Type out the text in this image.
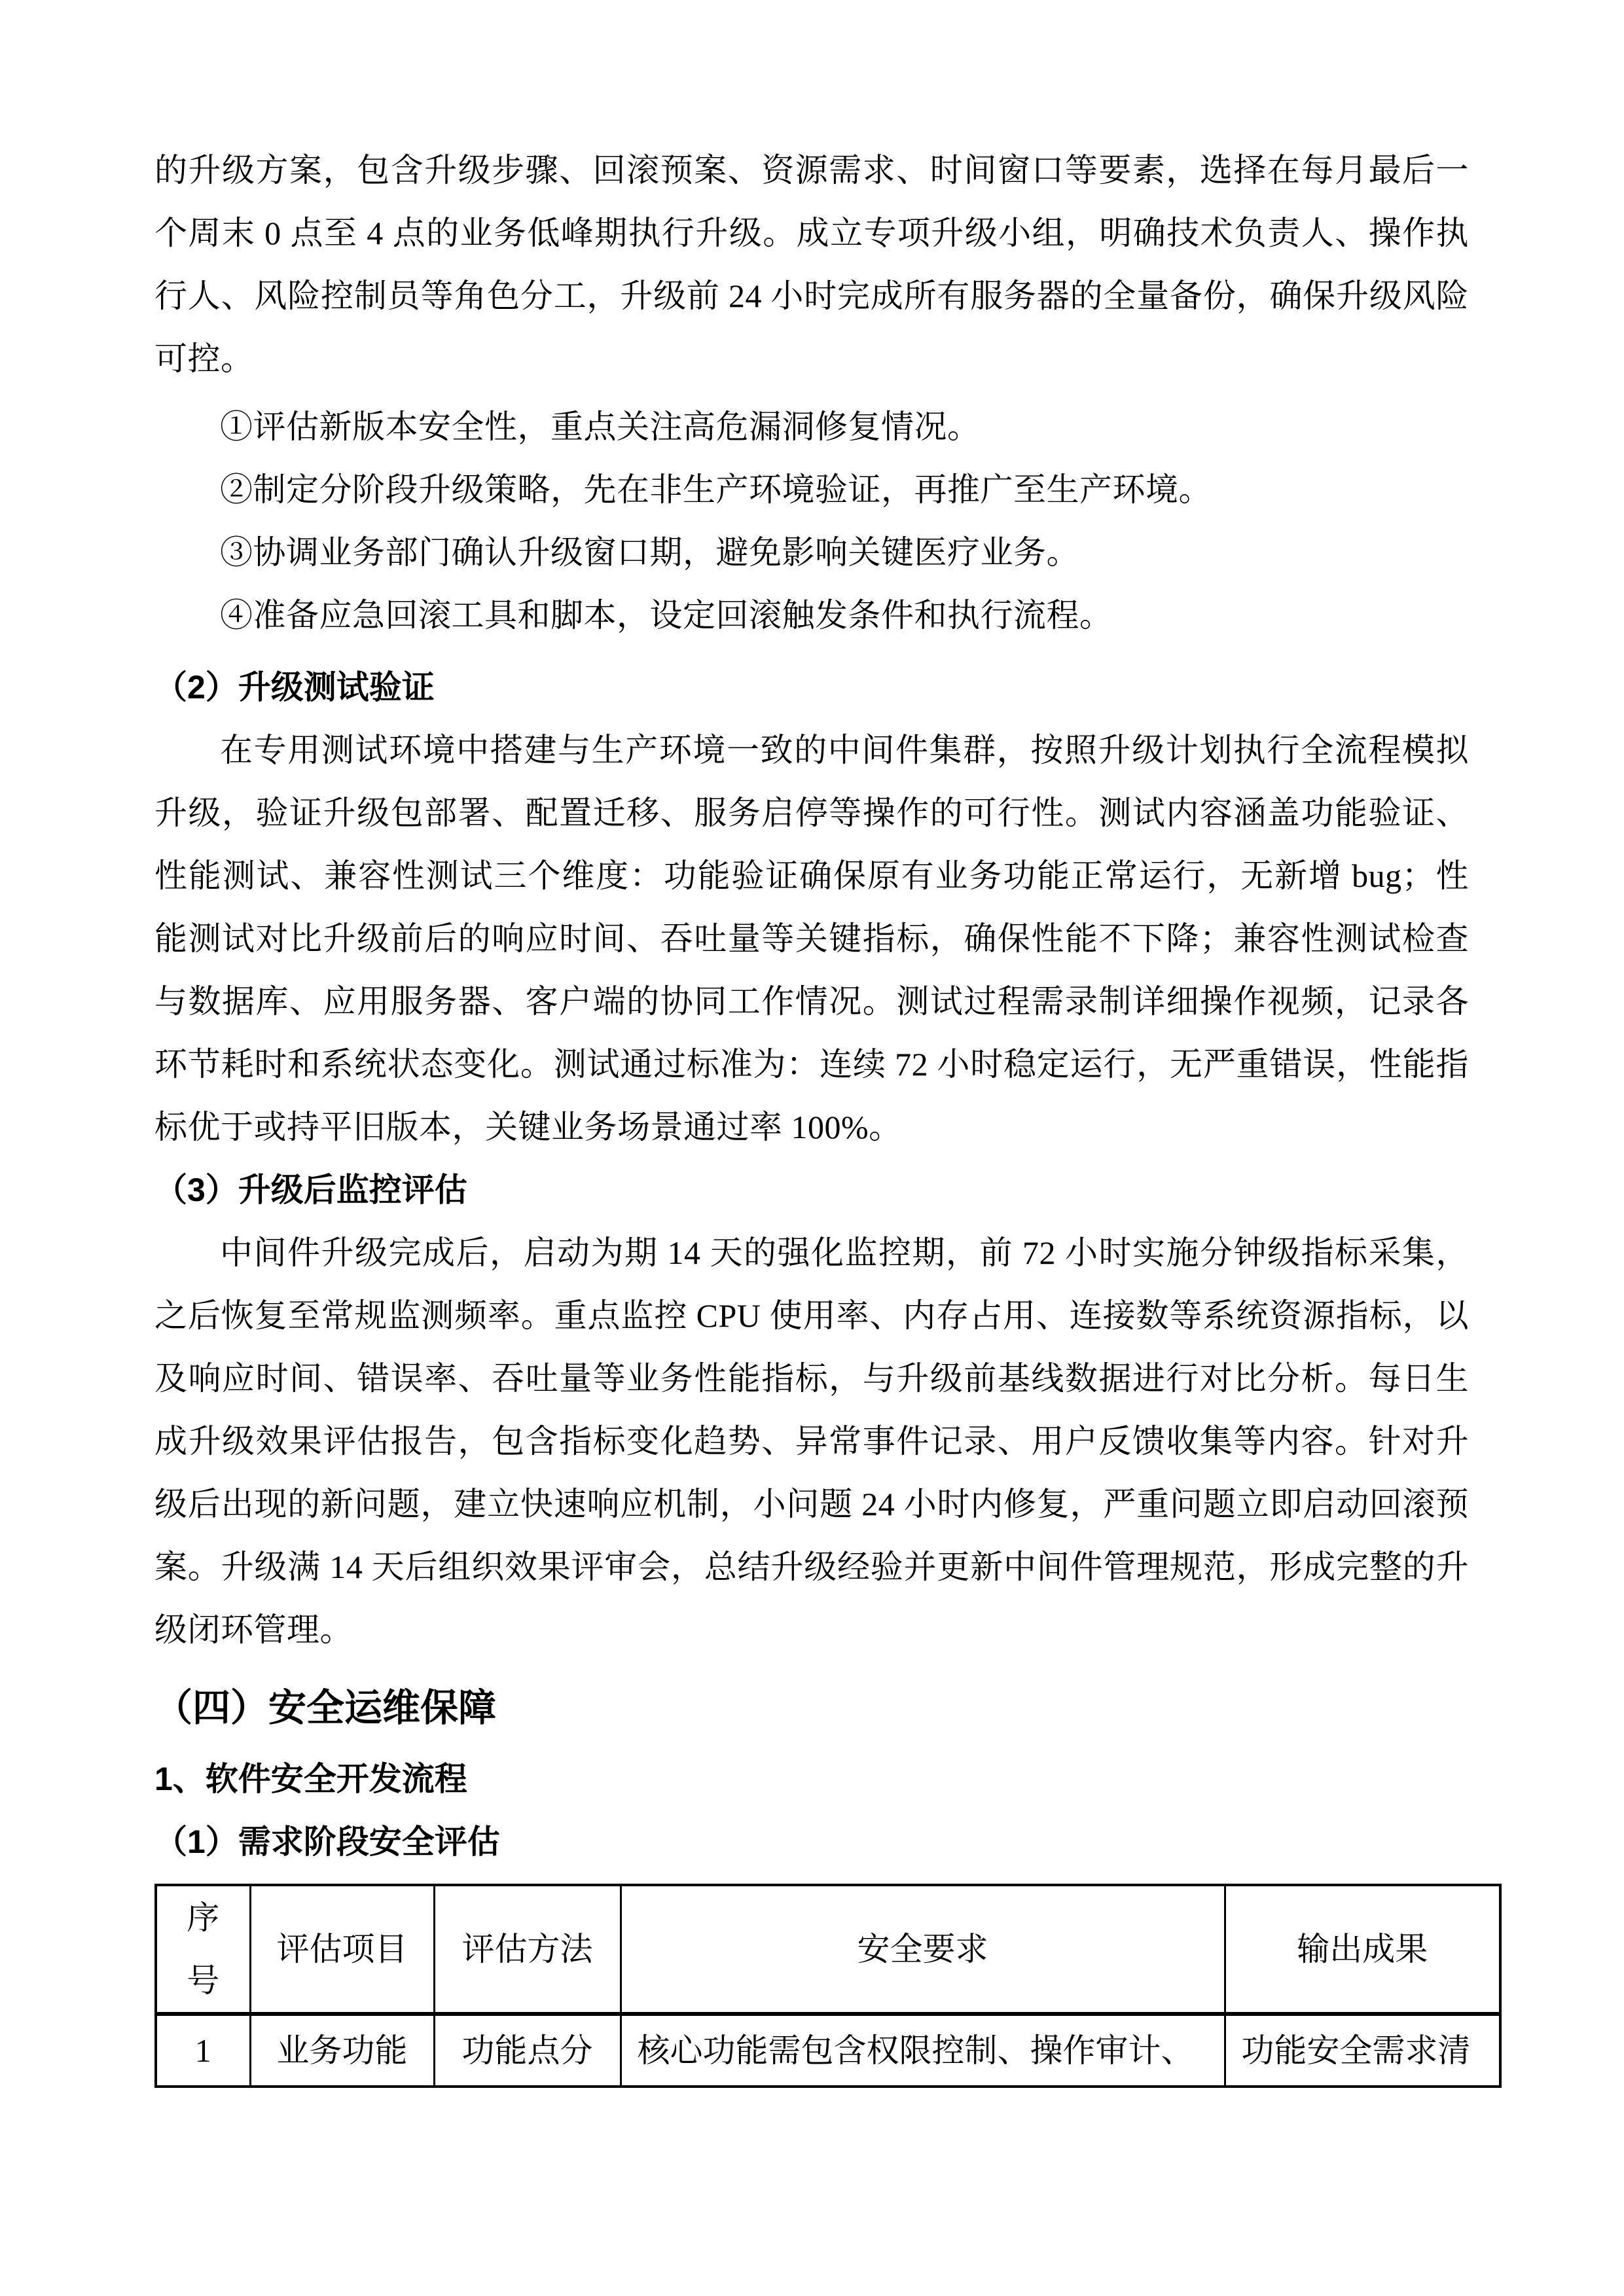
的升级方案，包含升级步骤、回滚预案、资源需求、时间窗口等要素，选择在每月最后一个周末 0 点至 4 点的业务低峰期执行升级。成立专项升级小组，明确技术负责人、操作执行人、风险控制员等角色分工，升级前 24 小时完成所有服务器的全量备份，确保升级风险可控。

①评估新版本安全性，重点关注高危漏洞修复情况。

②制定分阶段升级策略，先在非生产环境验证，再推广至生产环境。

③协调业务部门确认升级窗口期，避免影响关键医疗业务。

④准备应急回滚工具和脚本，设定回滚触发条件和执行流程。

（2）升级测试验证

在专用测试环境中搭建与生产环境一致的中间件集群，按照升级计划执行全流程模拟升级，验证升级包部署、配置迁移、服务启停等操作的可行性。测试内容涵盖功能验证、性能测试、兼容性测试三个维度：功能验证确保原有业务功能正常运行，无新增 bug；性能测试对比升级前后的响应时间、吞吐量等关键指标，确保性能不下降；兼容性测试检查与数据库、应用服务器、客户端的协同工作情况。测试过程需录制详细操作视频，记录各环节耗时和系统状态变化。测试通过标准为：连续 72 小时稳定运行，无严重错误，性能指标优于或持平旧版本，关键业务场景通过率 100%。

（3）升级后监控评估

中间件升级完成后，启动为期 14 天的强化监控期，前 72 小时实施分钟级指标采集，之后恢复至常规监测频率。重点监控 CPU 使用率、内存占用、连接数等系统资源指标，以及响应时间、错误率、吞吐量等业务性能指标，与升级前基线数据进行对比分析。每日生成升级效果评估报告，包含指标变化趋势、异常事件记录、用户反馈收集等内容。针对升级后出现的新问题，建立快速响应机制，小问题 24 小时内修复，严重问题立即启动回滚预案。升级满 14 天后组织效果评审会，总结升级经验并更新中间件管理规范，形成完整的升级闭环管理。

（四）安全运维保障

1、软件安全开发流程

（1）需求阶段安全评估

序号	评估项目	评估方法	安全要求	输出成果
1	业务功能	功能点分	核心功能需包含权限控制、操作审计、	功能安全需求清
